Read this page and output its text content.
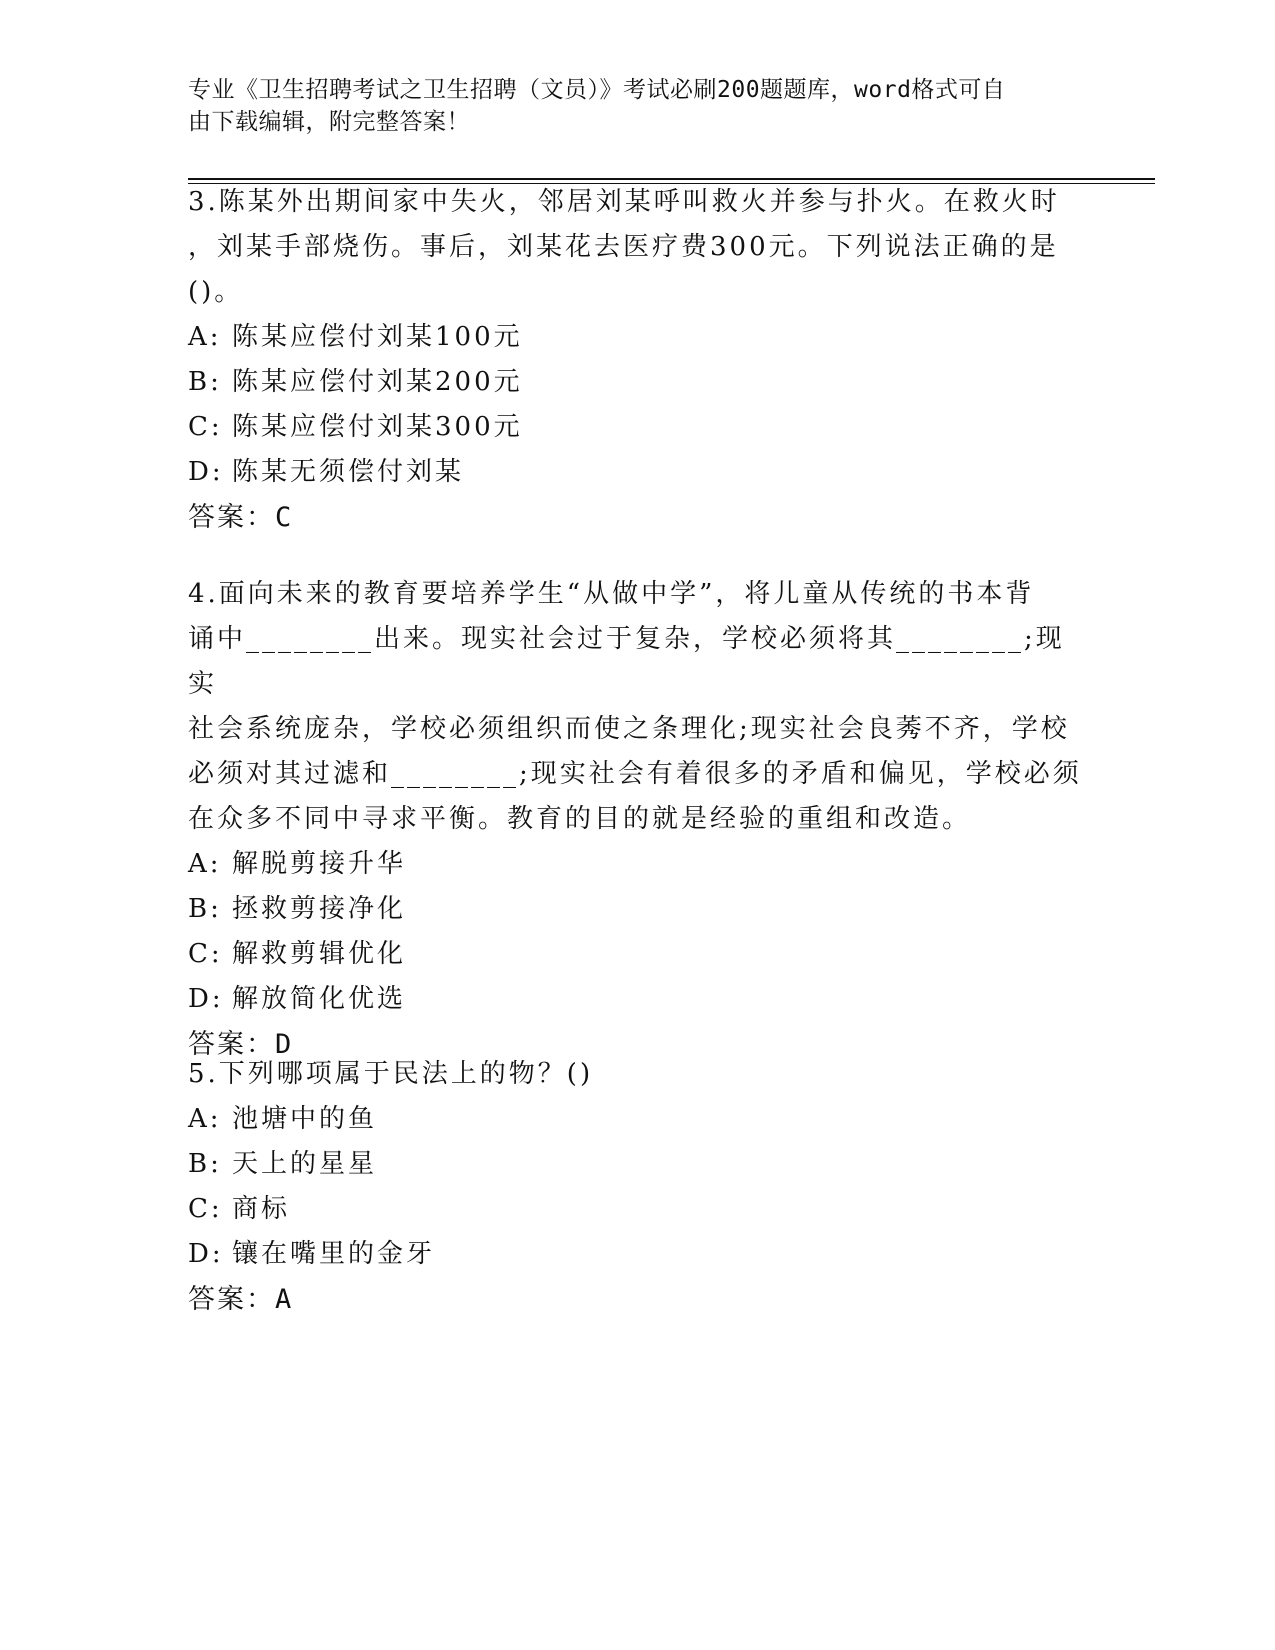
专业《卫生招聘考试之卫生招聘（文员）》考试必刷200题题库，word格式可自
由下载编辑，附完整答案！
3.陈某外出期间家中失火，邻居刘某呼叫救火并参与扑火。在救火时
，刘某手部烧伤。事后，刘某花去医疗费300元。下列说法正确的是
()。
A: 陈某应偿付刘某100元
B: 陈某应偿付刘某200元
C: 陈某应偿付刘某300元
D: 陈某无须偿付刘某
答案：C
4.面向未来的教育要培养学生“从做中学”，将儿童从传统的书本背
诵中________出来。现实社会过于复杂，学校必须将其________;现实
社会系统庞杂，学校必须组织而使之条理化;现实社会良莠不齐，学校
必须对其过滤和________;现实社会有着很多的矛盾和偏见，学校必须
在众多不同中寻求平衡。教育的目的就是经验的重组和改造。
A: 解脱剪接升华
B: 拯救剪接净化
C: 解救剪辑优化
D: 解放简化优选
答案：D
5.下列哪项属于民法上的物？()
A: 池塘中的鱼
B: 天上的星星
C: 商标
D: 镶在嘴里的金牙
答案：A
